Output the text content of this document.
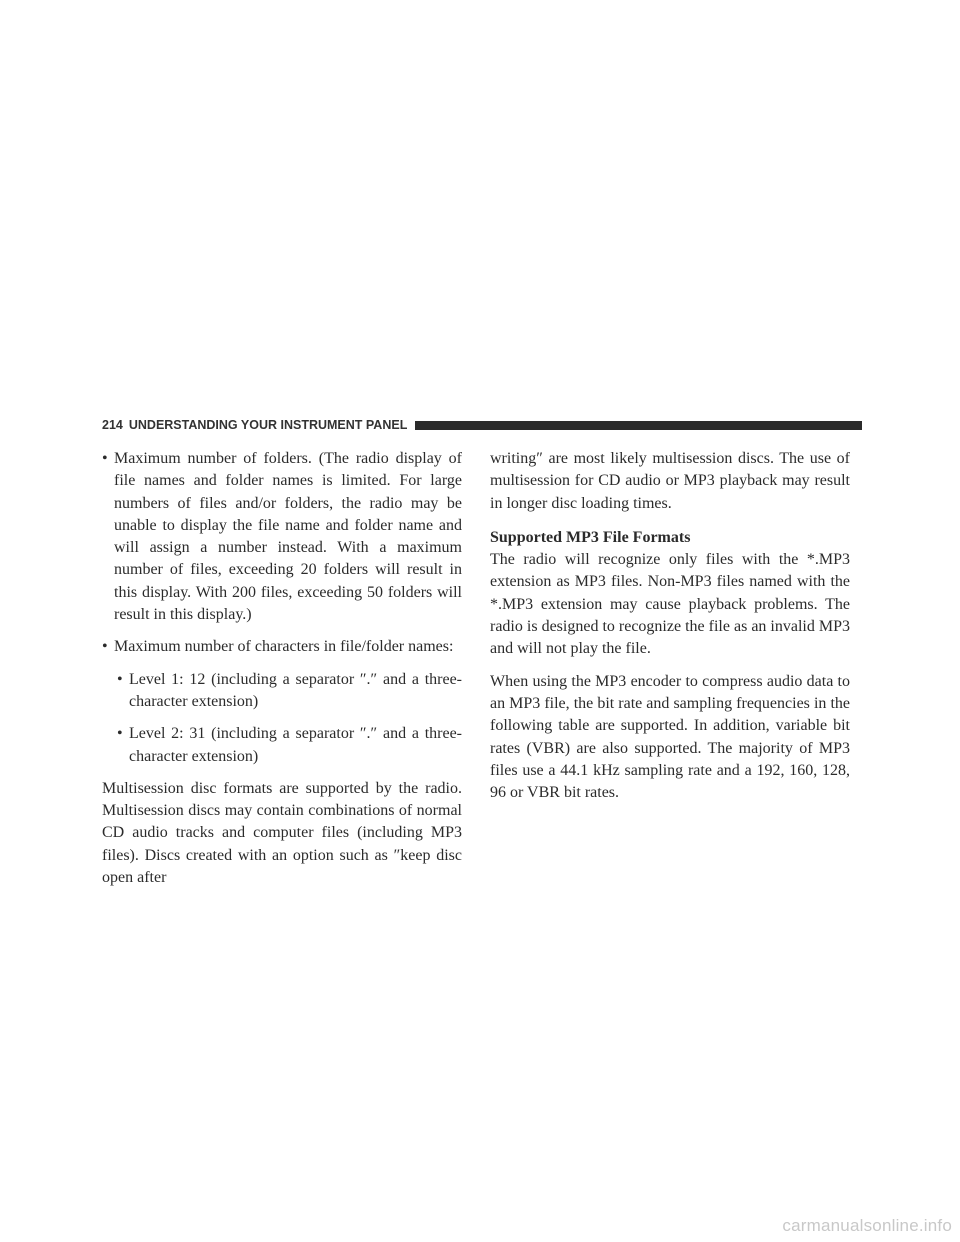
214 UNDERSTANDING YOUR INSTRUMENT PANEL
• Maximum number of folders. (The radio display of file names and folder names is limited. For large numbers of files and/or folders, the radio may be unable to display the file name and folder name and will assign a number instead. With a maximum number of files, exceeding 20 folders will result in this display. With 200 files, exceeding 50 folders will result in this display.)
• Maximum number of characters in file/folder names:
• Level 1: 12 (including a separator ″.″ and a three-character extension)
• Level 2: 31 (including a separator ″.″ and a three-character extension)

Multisession disc formats are supported by the radio. Multisession discs may contain combinations of normal CD audio tracks and computer files (including MP3 files). Discs created with an option such as ″keep disc open after

writing″ are most likely multisession discs. The use of multisession for CD audio or MP3 playback may result in longer disc loading times.

Supported MP3 File Formats

The radio will recognize only files with the *.MP3 extension as MP3 files. Non-MP3 files named with the *.MP3 extension may cause playback problems. The radio is designed to recognize the file as an invalid MP3 and will not play the file.

When using the MP3 encoder to compress audio data to an MP3 file, the bit rate and sampling frequencies in the following table are supported. In addition, variable bit rates (VBR) are also supported. The majority of MP3 files use a 44.1 kHz sampling rate and a 192, 160, 128, 96 or VBR bit rates.

carmanualsonline.info
